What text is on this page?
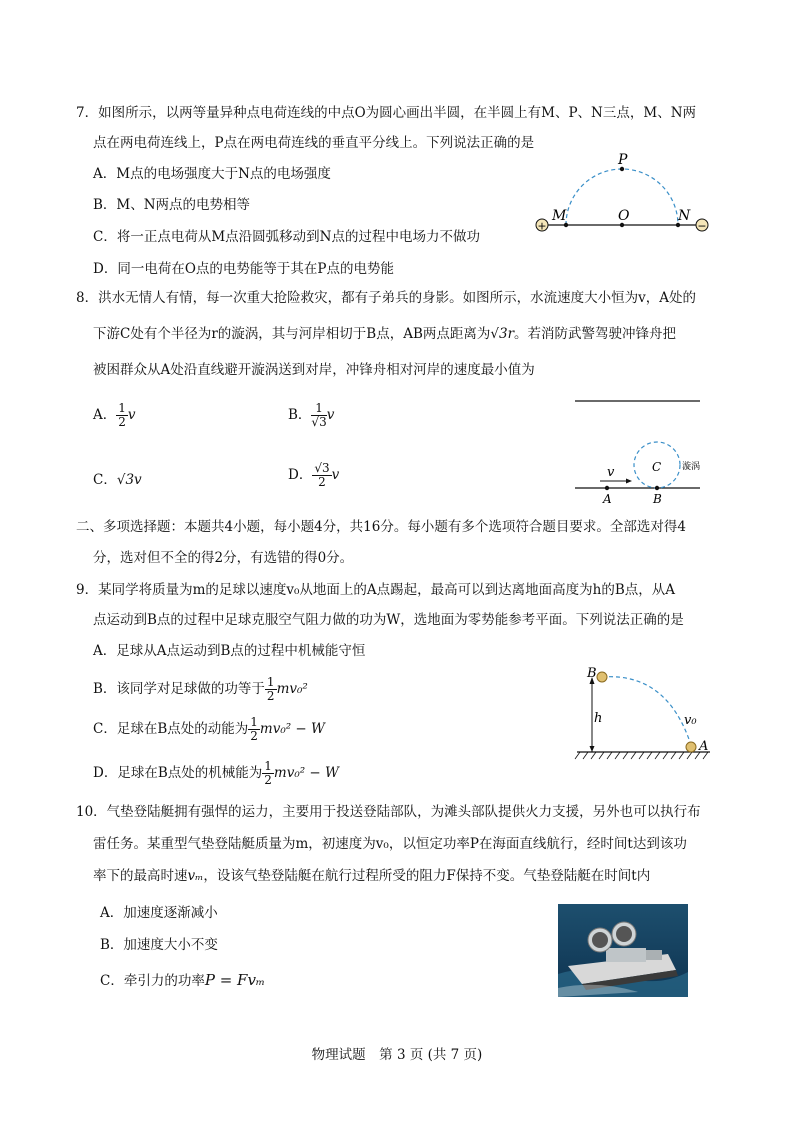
7．如图所示，以两等量异种点电荷连线的中点O为圆心画出半圆，在半圆上有M、P、N三点，M、N两
点在两电荷连线上，P点在两电荷连线的垂直平分线上。下列说法正确的是
A．M点的电场强度大于N点的电场强度
B．M、N两点的电势相等
C．将一正点电荷从M点沿圆弧移动到N点的过程中电场力不做功
D．同一电荷在O点的电势能等于其在P点的电势能
+	−
P
M	O	N
8．洪水无情人有情，每一次重大抢险救灾，都有子弟兵的身影。如图所示，水流速度大小恒为v，A处的
下游C处有个半径为r的漩涡，其与河岸相切于B点，AB两点距离为√3r。若消防武警驾驶冲锋舟把
被困群众从A处沿直线避开漩涡送到对岸，冲锋舟相对河岸的速度最小值为
A． $\frac{1}{2}$ v	B． $\frac{1}{√3}$ v
C．√3v	D． $\frac{√3}{2}$ v	v	C 漩涡
A	B
二、多项选择题：本题共4小题，每小题4分，共16分。每小题有多个选项符合题目要求。全部选对得4
分，选对但不全的得2分，有选错的得0分。
9．某同学将质量为m的足球以速度v₀从地面上的A点踢起，最高可以到达离地面高度为h的B点，从A
点运动到B点的过程中足球克服空气阻力做的功为W，选地面为零势能参考平面。下列说法正确的是
A．足球从A点运动到B点的过程中机械能守恒
B．该同学对足球做的功等于 $\frac{1}{2} mv_0^2$
C．足球在B点处的动能为 $\frac{1}{2} mv_0^2 - W$
D．足球在B点处的机械能为 $\frac{1}{2} mv_0^2 - W$
B
A
h	v₀
10．气垫登陆艇拥有强悍的运力，主要用于投送登陆部队，为滩头部队提供火力支援，另外也可以执行布
雷任务。某重型气垫登陆艇质量为m，初速度为v₀，以恒定功率P在海面直线航行，经时间t达到该功
率下的最高时速vₘ，设该气垫登陆艇在航行过程所受的阻力F保持不变。气垫登陆艇在时间t内
A．加速度逐渐减小
B．加速度大小不变
C．牵引力的功率P = Fvₘ
物理试题　第 3 页 (共 7 页)
